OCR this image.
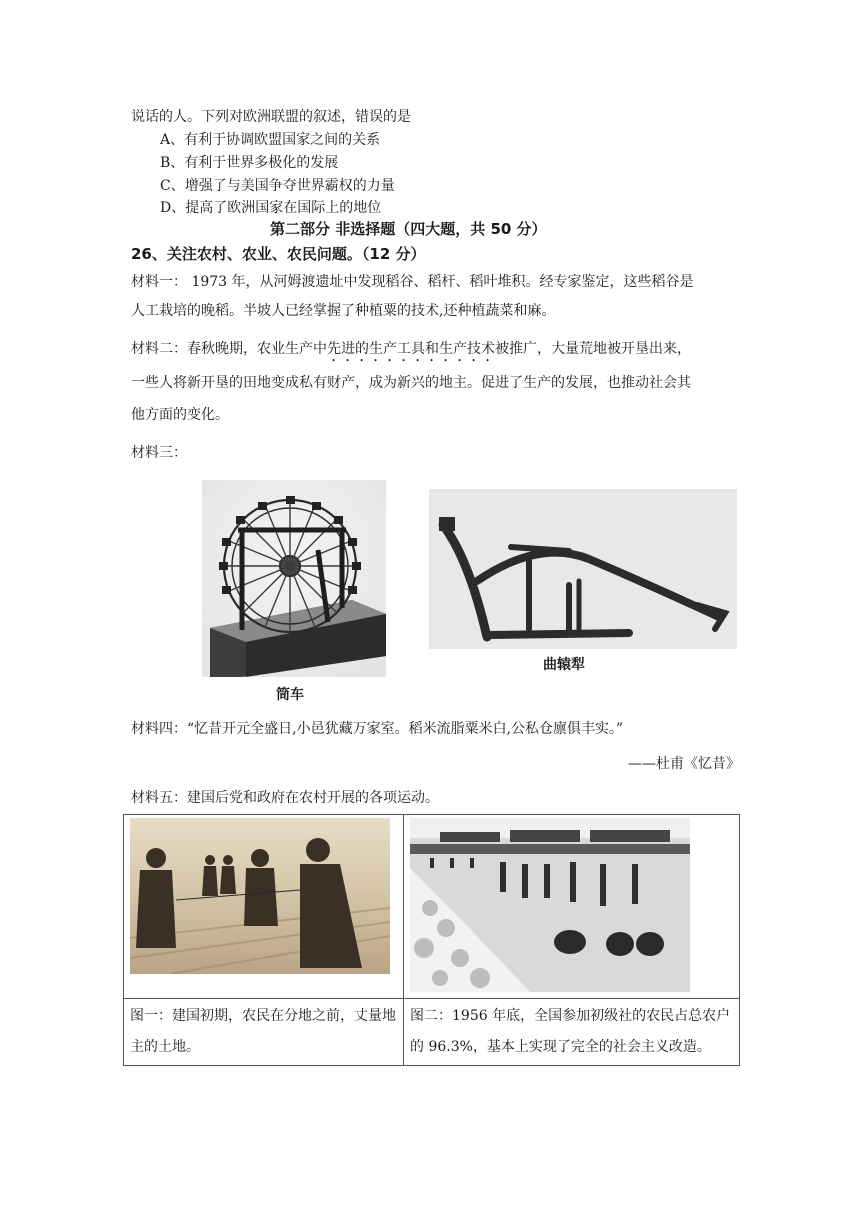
说话的人。下列对欧洲联盟的叙述，错误的是
A、有利于协调欧盟国家之间的关系
B、有利于世界多极化的发展
C、增强了与美国争夺世界霸权的力量
D、提高了欧洲国家在国际上的地位
第二部分 非选择题（四大题，共 50 分）
26、关注农村、农业、农民问题。（12 分）
材料一： 1973 年，从河姆渡遗址中发现稻谷、稻杆、稻叶堆积。经专家鉴定，这些稻谷是
人工栽培的晚稻。半坡人已经掌握了种植粟的技术,还种植蔬菜和麻。
材料二：春秋晚期，农业生产中先进的生产工具和生产技术被推广，大量荒地被开垦出来，
一些人将新开垦的田地变成私有财产，成为新兴的地主。促进了生产的发展，也推动社会其
他方面的变化。
材料三：
筒车
曲辕犁
材料四：“忆昔开元全盛日,小邑犹藏万家室。稻米流脂粟米白,公私仓廪俱丰实。”
——杜甫《忆昔》
材料五：建国后党和政府在农村开展的各项运动。

图一：建国初期，农民在分地之前，丈量地主的土地。	图二：1956 年底，全国参加初级社的农民占总农户的 96.3%，基本上实现了完全的社会主义改造。
